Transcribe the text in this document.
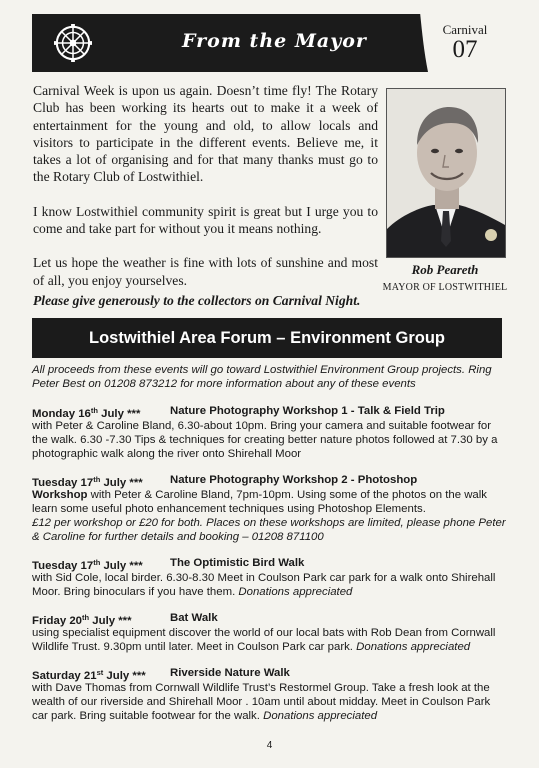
From the Mayor
Carnival
07

Carnival Week is upon us again. Doesn’t time fly! The Rotary Club has been working its hearts out to make it a week of entertainment for the young and old, to allow locals and visitors to participate in the different events. Believe me, it takes a lot of organising and for that many thanks must go to the Rotary Club of Lostwithiel.

I know Lostwithiel community spirit is great but I urge you to come and take part for without you it means nothing.

Let us hope the weather is fine with lots of sunshine and most of all, you enjoy yourselves.

Rob Peareth
MAYOR OF LOSTWITHIEL
Please give generously to the collectors on Carnival Night.
Lostwithiel Area Forum – Environment Group
All proceeds from these events will go toward Lostwithiel Environment Group projects. Ring Peter Best on 01208 873212 for more information about any of these events
Monday 16th July ***	Nature Photography Workshop 1 - Talk & Field Trip

with Peter & Caroline Bland, 6.30-about 10pm. Bring your camera and suitable footwear for the walk. 6.30 -7.30 Tips & techniques for creating better nature photos followed at 7.30 by a photographic walk along the river onto Shirehall Moor

Tuesday 17th July *** Nature Photography Workshop 2 - Photoshop

Workshop with Peter & Caroline Bland, 7pm-10pm. Using some of the photos on the walk learn some useful photo enhancement techniques using Photoshop Elements.

£12 per workshop or £20 for both. Places on these workshops are limited, please phone Peter & Caroline for further details and booking – 01208 871100

Tuesday 17th July *** The Optimistic Bird Walk

with Sid Cole, local birder. 6.30-8.30 Meet in Coulson Park car park for a walk onto Shirehall Moor. Bring binoculars if you have them. Donations appreciated

Friday 20th July ***	Bat Walk

using specialist equipment discover the world of our local bats with Rob Dean from Cornwall Wildlife Trust. 9.30pm until later. Meet in Coulson Park car park. Donations appreciated

Saturday 21st July *** Riverside Nature Walk

with Dave Thomas from Cornwall Wildlife Trust’s Restormel Group. Take a fresh look at the wealth of our riverside and Shirehall Moor . 10am until about midday. Meet in Coulson Park car park. Bring suitable footwear for the walk. Donations appreciated

4
